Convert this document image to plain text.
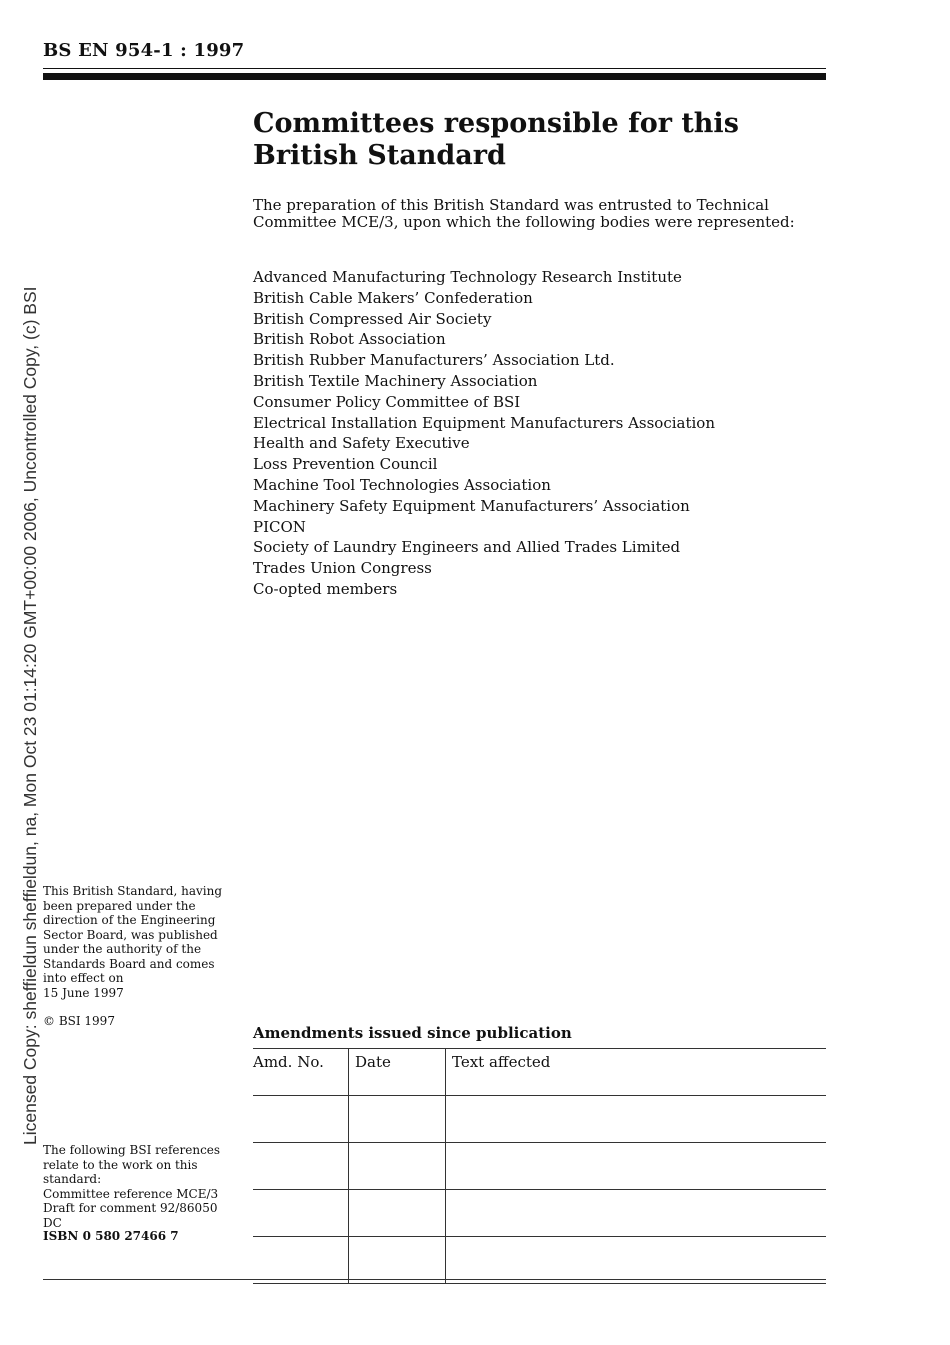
BS EN 954-1 : 1997
Committees responsible for this British Standard
The preparation of this British Standard was entrusted to Technical Committee MCE/3, upon which the following bodies were represented:
Advanced Manufacturing Technology Research Institute
British Cable Makers’ Confederation
British Compressed Air Society
British Robot Association
British Rubber Manufacturers’ Association Ltd.
British Textile Machinery Association
Consumer Policy Committee of BSI
Electrical Installation Equipment Manufacturers Association
Health and Safety Executive
Loss Prevention Council
Machine Tool Technologies Association
Machinery Safety Equipment Manufacturers’ Association
PICON
Society of Laundry Engineers and Allied Trades Limited
Trades Union Congress
Co-opted members
Licensed Copy: sheffieldun sheffieldun, na, Mon Oct 23 01:14:20 GMT+00:00 2006, Uncontrolled Copy, (c) BSI This British Standard, having been prepared under the direction of the Engineering Sector Board, was published under the authority of the Standards Board and comes into effect on
15 June 1997
© BSI 1997
The following BSI references relate to the work on this standard:
Committee reference MCE/3
Draft for comment 92/86050 DC
ISBN 0 580 27466 7
Amendments issued since publication
Amd. No.	Date	Text affected
